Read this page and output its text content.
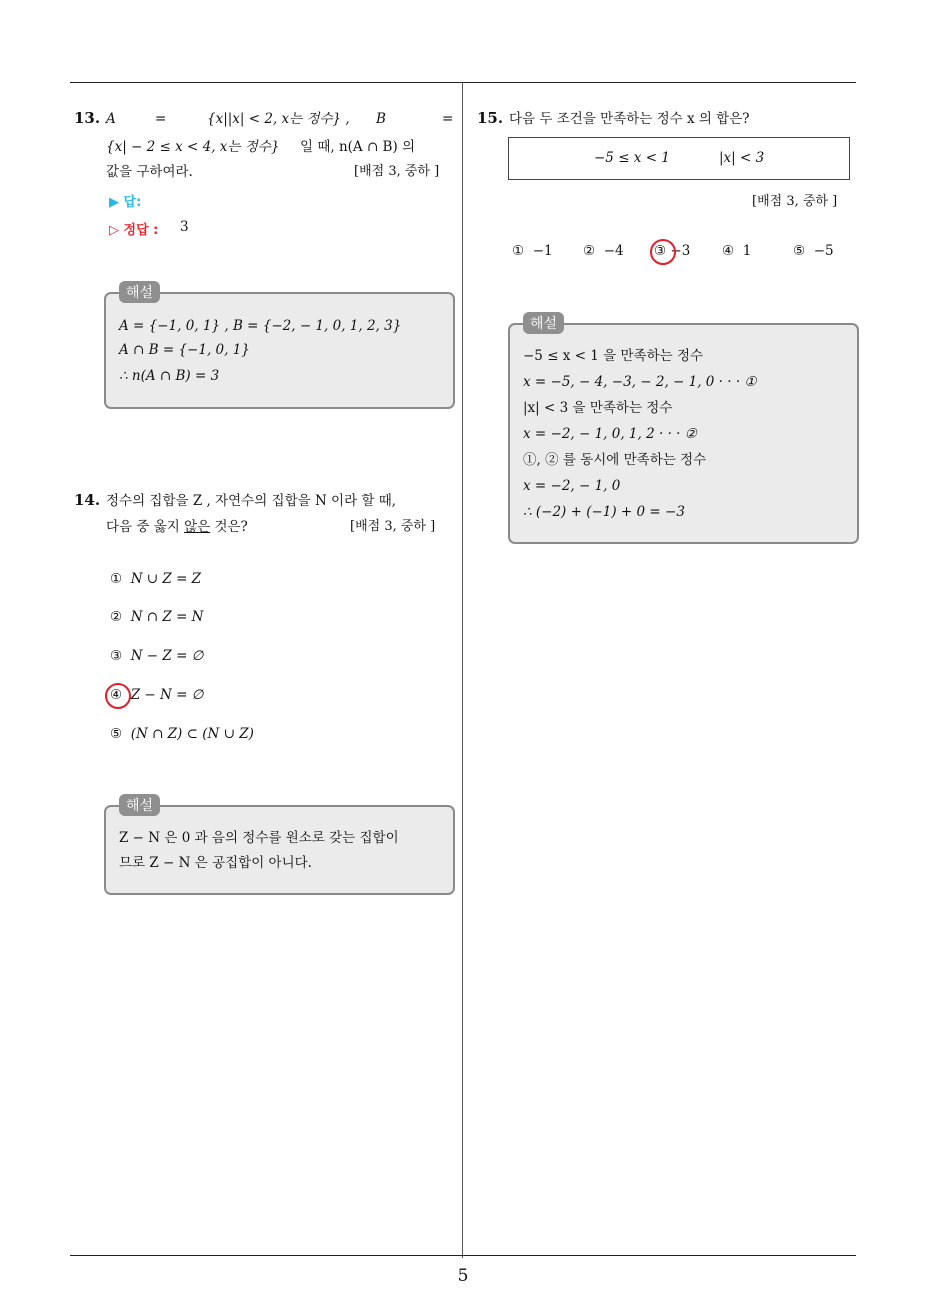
13. A	=	{x||x| < 2, x는 정수} , B	=
{x| − 2 ≤ x < 4, x는 정수} 일 때, n(A ∩ B) 의
값을 구하여라.	[배점 3, 중하 ]
▶ 답:
▷ 정답 : 3
A = {−1, 0, 1} , B = {−2, − 1, 0, 1, 2, 3}
A ∩ B = {−1, 0, 1}
∴ n(A ∩ B) = 3
해설
14. 정수의 집합을 Z , 자연수의 집합을 N 이라 할 때,
다음 중 옳지 않은 것은?	[배점 3, 중하 ]
① N ∪ Z = Z
② N ∩ Z = N
③ N − Z = ∅
④ Z − N = ∅
⑤ (N ∩ Z) ⊂ (N ∪ Z)
Z − N 은 0 과 음의 정수를 원소로 갖는 집합이
므로 Z − N 은 공집합이 아니다.
해설
15. 다음 두 조건을 만족하는 정수 x 의 합은?
−5 ≤ x < 1	|x| < 3
[배점 3, 중하 ]
① −1 ② −4 ③ −3 ④ 1	⑤ −5
−5 ≤ x < 1 을 만족하는 정수
x = −5, − 4, −3, − 2, − 1, 0 · · · ①
|x| < 3 을 만족하는 정수
x = −2, − 1, 0, 1, 2 · · · ②
①, ② 를 동시에 만족하는 정수
x = −2, − 1, 0
∴ (−2) + (−1) + 0 = −3
해설
5
